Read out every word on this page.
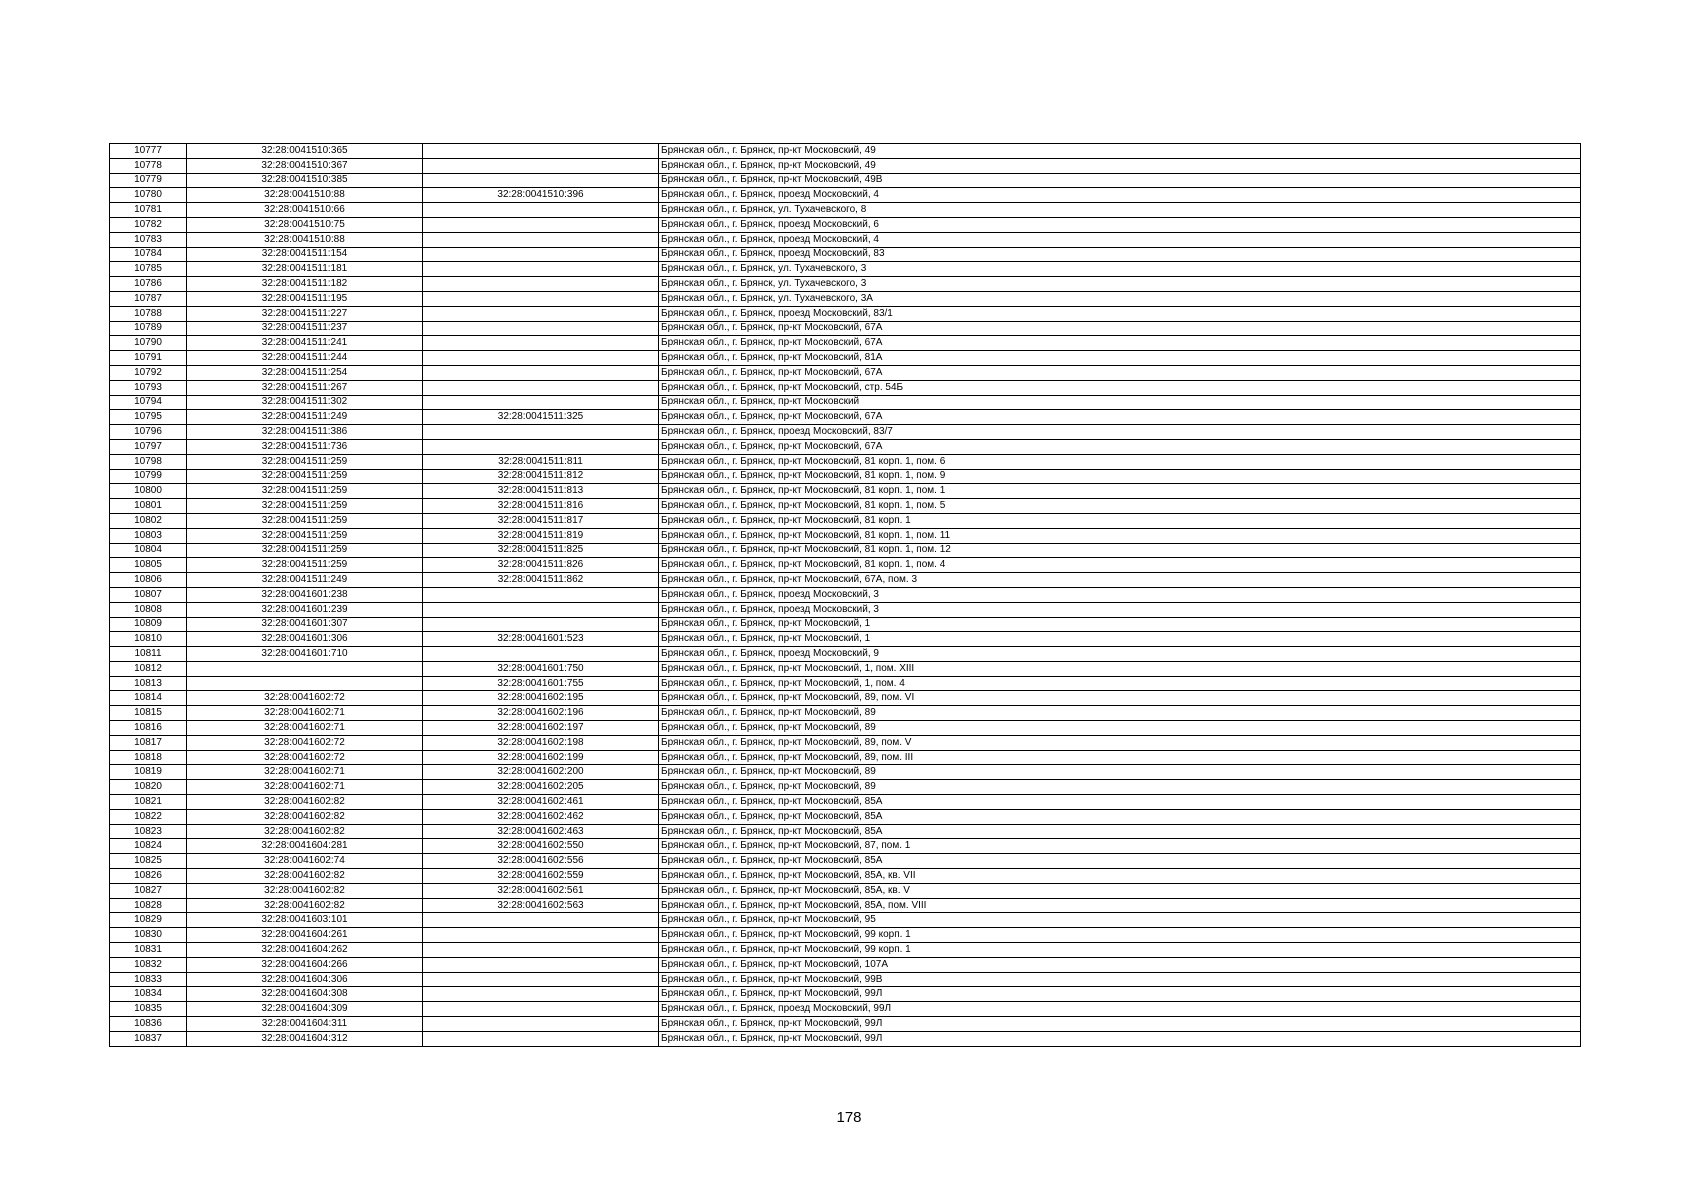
10777	32:28:0041510:365		Брянская обл., г. Брянск, пр-кт Московский, 49
10778	32:28:0041510:367		Брянская обл., г. Брянск, пр-кт Московский, 49
10779	32:28:0041510:385		Брянская обл., г. Брянск, пр-кт Московский, 49В
10780	32:28:0041510:88	32:28:0041510:396	Брянская обл., г. Брянск, проезд Московский, 4
10781	32:28:0041510:66		Брянская обл., г. Брянск, ул. Тухачевского, 8
10782	32:28:0041510:75		Брянская обл., г. Брянск, проезд Московский, 6
10783	32:28:0041510:88		Брянская обл., г. Брянск, проезд Московский, 4
10784	32:28:0041511:154		Брянская обл., г. Брянск, проезд Московский, 83
10785	32:28:0041511:181		Брянская обл., г. Брянск, ул. Тухачевского, 3
10786	32:28:0041511:182		Брянская обл., г. Брянск, ул. Тухачевского, 3
10787	32:28:0041511:195		Брянская обл., г. Брянск, ул. Тухачевского, 3А
10788	32:28:0041511:227		Брянская обл., г. Брянск, проезд Московский, 83/1
10789	32:28:0041511:237		Брянская обл., г. Брянск, пр-кт Московский, 67А
10790	32:28:0041511:241		Брянская обл., г. Брянск, пр-кт Московский, 67А
10791	32:28:0041511:244		Брянская обл., г. Брянск, пр-кт Московский, 81А
10792	32:28:0041511:254		Брянская обл., г. Брянск, пр-кт Московский, 67А
10793	32:28:0041511:267		Брянская обл., г. Брянск, пр-кт Московский, стр. 54Б
10794	32:28:0041511:302		Брянская обл., г. Брянск, пр-кт Московский
10795	32:28:0041511:249	32:28:0041511:325	Брянская обл., г. Брянск, пр-кт Московский, 67А
10796	32:28:0041511:386		Брянская обл., г. Брянск, проезд Московский, 83/7
10797	32:28:0041511:736		Брянская обл., г. Брянск, пр-кт Московский, 67А
10798	32:28:0041511:259	32:28:0041511:811	Брянская обл., г. Брянск, пр-кт Московский, 81 корп. 1, пом. 6
10799	32:28:0041511:259	32:28:0041511:812	Брянская обл., г. Брянск, пр-кт Московский, 81 корп. 1, пом. 9
10800	32:28:0041511:259	32:28:0041511:813	Брянская обл., г. Брянск, пр-кт Московский, 81 корп. 1, пом. 1
10801	32:28:0041511:259	32:28:0041511:816	Брянская обл., г. Брянск, пр-кт Московский, 81 корп. 1, пом. 5
10802	32:28:0041511:259	32:28:0041511:817	Брянская обл., г. Брянск, пр-кт Московский, 81 корп. 1
10803	32:28:0041511:259	32:28:0041511:819	Брянская обл., г. Брянск, пр-кт Московский, 81 корп. 1, пом. 11
10804	32:28:0041511:259	32:28:0041511:825	Брянская обл., г. Брянск, пр-кт Московский, 81 корп. 1, пом. 12
10805	32:28:0041511:259	32:28:0041511:826	Брянская обл., г. Брянск, пр-кт Московский, 81 корп. 1, пом. 4
10806	32:28:0041511:249	32:28:0041511:862	Брянская обл., г. Брянск, пр-кт Московский, 67А, пом. 3
10807	32:28:0041601:238		Брянская обл., г. Брянск, проезд Московский, 3
10808	32:28:0041601:239		Брянская обл., г. Брянск, проезд Московский, 3
10809	32:28:0041601:307		Брянская обл., г. Брянск, пр-кт Московский, 1
10810	32:28:0041601:306	32:28:0041601:523	Брянская обл., г. Брянск, пр-кт Московский, 1
10811	32:28:0041601:710		Брянская обл., г. Брянск, проезд Московский, 9
10812		32:28:0041601:750	Брянская обл., г. Брянск, пр-кт Московский, 1, пом. XIII
10813		32:28:0041601:755	Брянская обл., г. Брянск, пр-кт Московский, 1, пом. 4
10814	32:28:0041602:72	32:28:0041602:195	Брянская обл., г. Брянск, пр-кт Московский, 89, пом. VI
10815	32:28:0041602:71	32:28:0041602:196	Брянская обл., г. Брянск, пр-кт Московский, 89
10816	32:28:0041602:71	32:28:0041602:197	Брянская обл., г. Брянск, пр-кт Московский, 89
10817	32:28:0041602:72	32:28:0041602:198	Брянская обл., г. Брянск, пр-кт Московский, 89, пом. V
10818	32:28:0041602:72	32:28:0041602:199	Брянская обл., г. Брянск, пр-кт Московский, 89, пом. III
10819	32:28:0041602:71	32:28:0041602:200	Брянская обл., г. Брянск, пр-кт Московский, 89
10820	32:28:0041602:71	32:28:0041602:205	Брянская обл., г. Брянск, пр-кт Московский, 89
10821	32:28:0041602:82	32:28:0041602:461	Брянская обл., г. Брянск, пр-кт Московский, 85А
10822	32:28:0041602:82	32:28:0041602:462	Брянская обл., г. Брянск, пр-кт Московский, 85А
10823	32:28:0041602:82	32:28:0041602:463	Брянская обл., г. Брянск, пр-кт Московский, 85А
10824	32:28:0041604:281	32:28:0041602:550	Брянская обл., г. Брянск, пр-кт Московский, 87, пом. 1
10825	32:28:0041602:74	32:28:0041602:556	Брянская обл., г. Брянск, пр-кт Московский, 85А
10826	32:28:0041602:82	32:28:0041602:559	Брянская обл., г. Брянск, пр-кт Московский, 85А, кв. VII
10827	32:28:0041602:82	32:28:0041602:561	Брянская обл., г. Брянск, пр-кт Московский, 85А, кв. V
10828	32:28:0041602:82	32:28:0041602:563	Брянская обл., г. Брянск, пр-кт Московский, 85А, пом. VIII
10829	32:28:0041603:101		Брянская обл., г. Брянск, пр-кт Московский, 95
10830	32:28:0041604:261		Брянская обл., г. Брянск, пр-кт Московский, 99 корп. 1
10831	32:28:0041604:262		Брянская обл., г. Брянск, пр-кт Московский, 99 корп. 1
10832	32:28:0041604:266		Брянская обл., г. Брянск, пр-кт Московский, 107А
10833	32:28:0041604:306		Брянская обл., г. Брянск, пр-кт Московский, 99В
10834	32:28:0041604:308		Брянская обл., г. Брянск, пр-кт Московский, 99Л
10835	32:28:0041604:309		Брянская обл., г. Брянск, проезд Московский, 99Л
10836	32:28:0041604:311		Брянская обл., г. Брянск, пр-кт Московский, 99Л
10837	32:28:0041604:312		Брянская обл., г. Брянск, пр-кт Московский, 99Л
178
